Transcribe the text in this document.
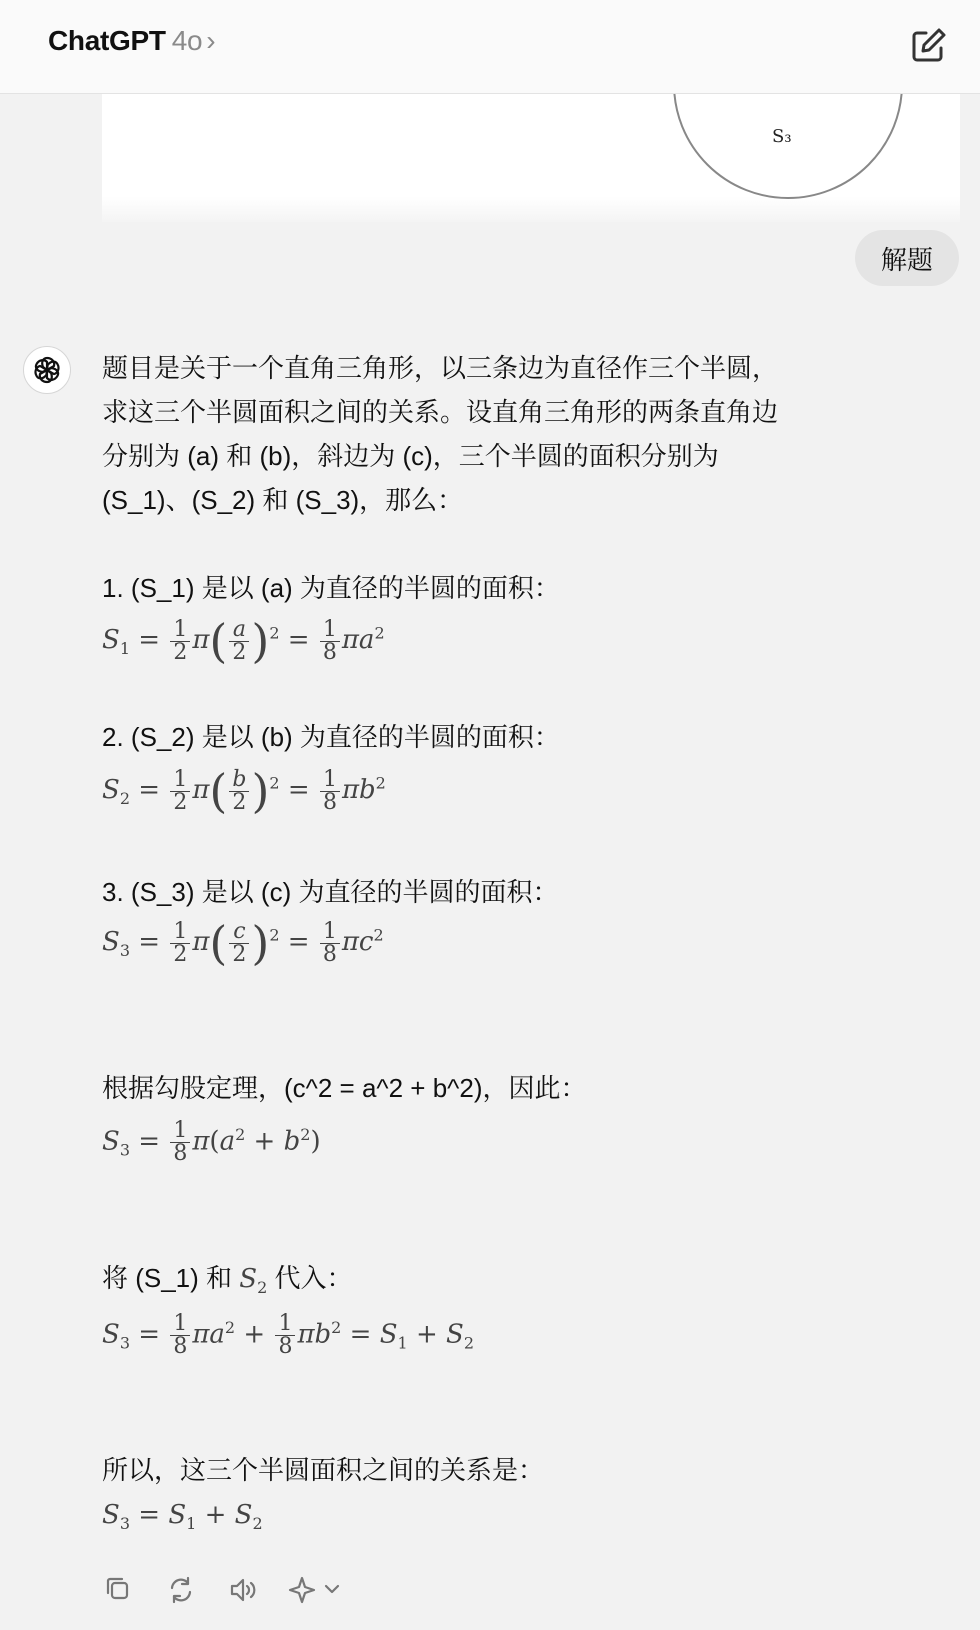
ChatGPT 4o ›
S₃
解题
题目是关于一个直角三角形，以三条边为直径作三个半圆，
求这三个半圆面积之间的关系。设直角三角形的两条直角边
分别为 (a) 和 (b)，斜边为 (c)，三个半圆的面积分别为
(S_1)、(S_2) 和 (S_3)，那么：
1. (S_1) 是以 (a) 为直径的半圆的面积：
$S_1 = \frac{1}{2} \pi( \frac{a}{2} )^2 = \frac{1}{8} \pi a^2$
2. (S_2) 是以 (b) 为直径的半圆的面积：
$S_2 = \frac{1}{2} \pi( \frac{b}{2} )^2 = \frac{1}{8} \pi b^2$
3. (S_3) 是以 (c) 为直径的半圆的面积：
$S_3 = \frac{1}{2} \pi( \frac{c}{2} )^2 = \frac{1}{8} \pi c^2$
根据勾股定理，(c^2 = a^2 + b^2)，因此：
$S_3 = \frac{1}{8} \pi(a^2 + b^2)$
将 (S_1) 和 $S_2$ 代入：
$S_3 = \frac{1}{8} \pi a^2 + \frac{1}{8} \pi b^2 = S_1 + S_2$
所以，这三个半圆面积之间的关系是：
$S_3 = S_1 + S_2$
